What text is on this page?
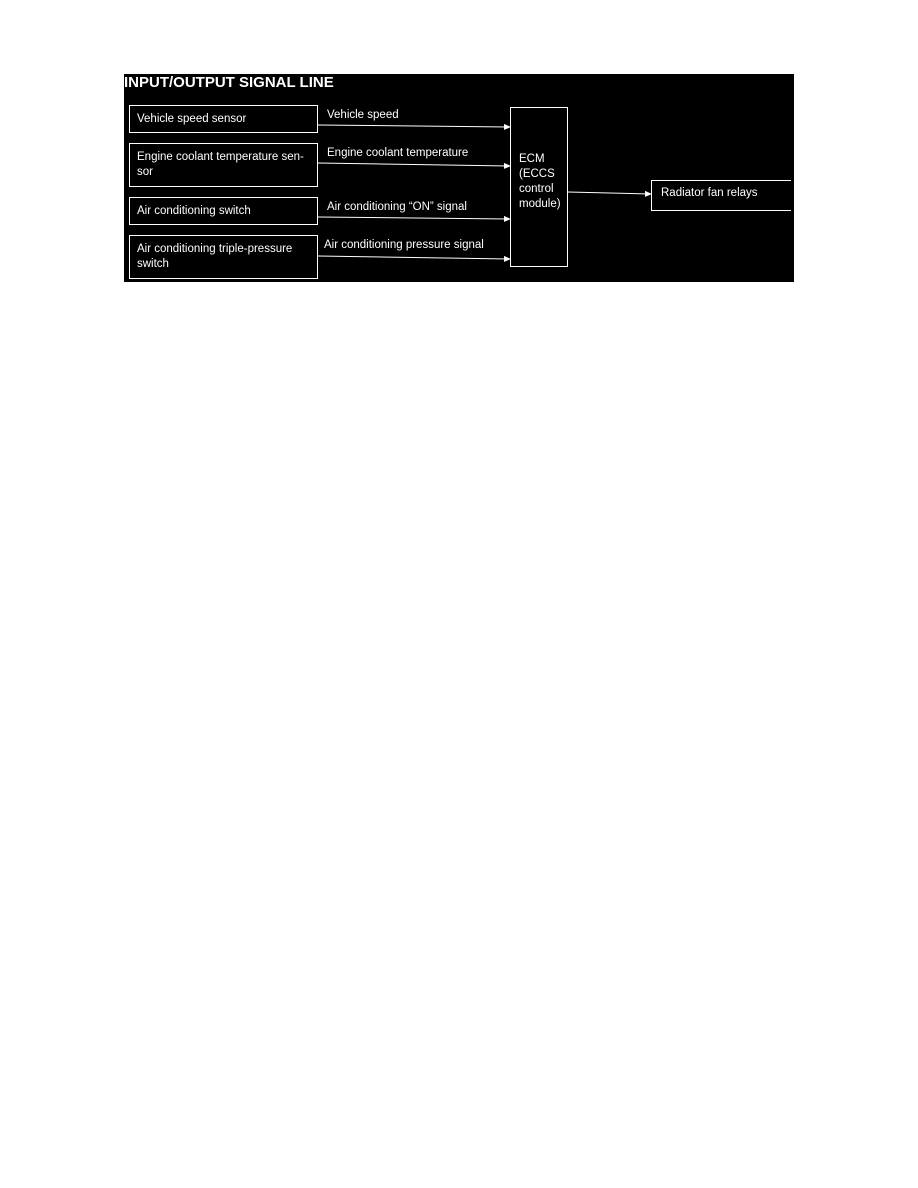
INPUT/OUTPUT SIGNAL LINE
Vehicle speed sensor
Engine coolant temperature sen-
sor
Air conditioning switch
Air conditioning triple-pressure
switch
Vehicle speed
Engine coolant temperature
Air conditioning “ON” signal
Air conditioning pressure signal
ECM
(ECCS
control
module)
Radiator fan relays
